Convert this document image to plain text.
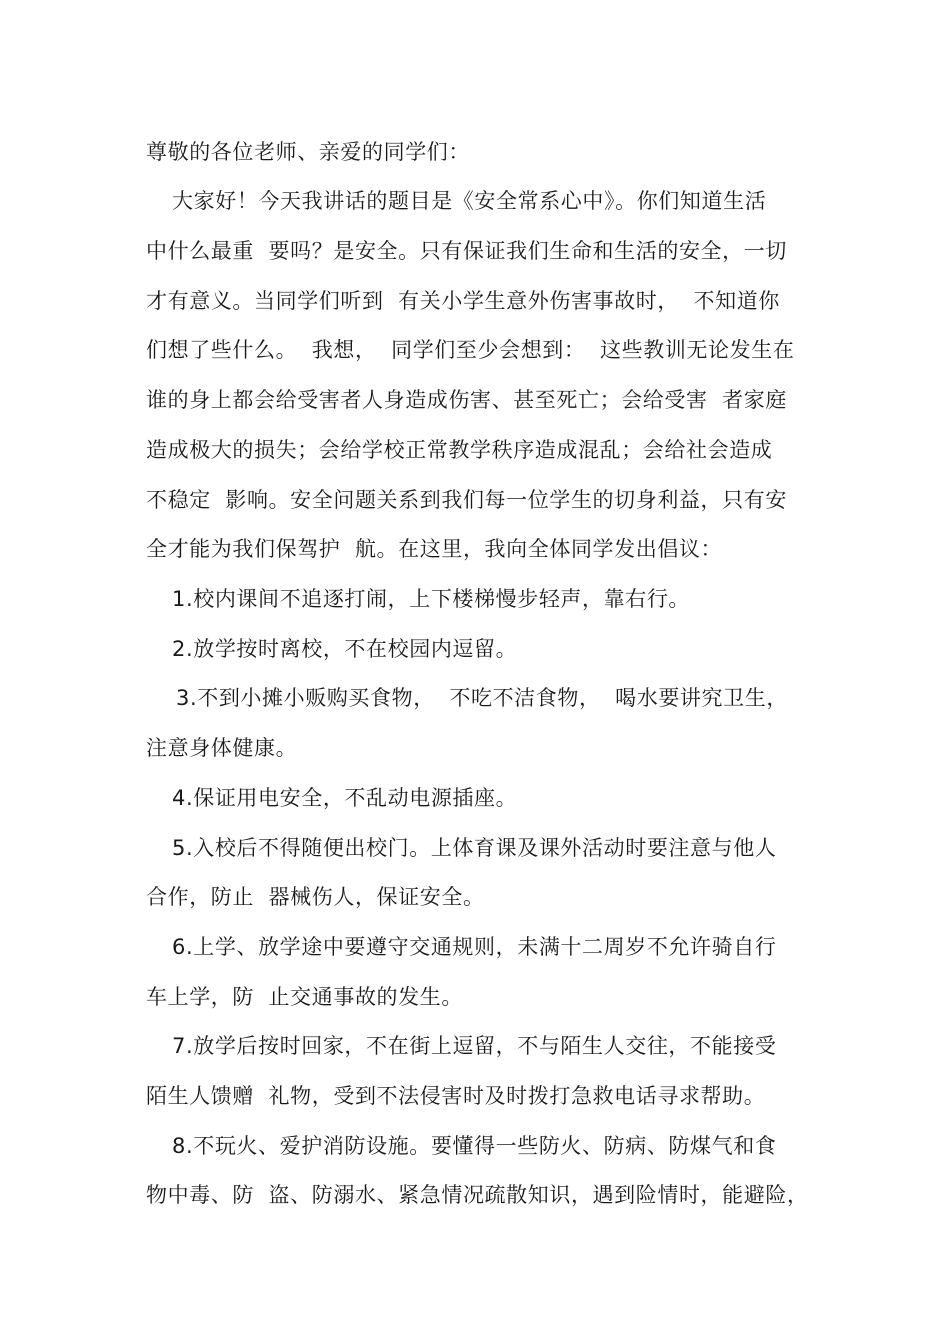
尊敬的各位老师、亲爱的同学们：
大家好！今天我讲话的题目是《安全常系心中》。你们知道生活
中什么最重  要吗？是安全。只有保证我们生命和生活的安全，一切
才有意义。当同学们听到  有关小学生意外伤害事故时，  不知道你
们想了些什么。  我想，  同学们至少会想到：  这些教训无论发生在
谁的身上都会给受害者人身造成伤害、甚至死亡；会给受害  者家庭
造成极大的损失；会给学校正常教学秩序造成混乱；会给社会造成
不稳定  影响。安全问题关系到我们每一位学生的切身利益，只有安
全才能为我们保驾护  航。在这里，我向全体同学发出倡议：
1.校内课间不追逐打闹，上下楼梯慢步轻声，靠右行。
2.放学按时离校，不在校园内逗留。
3.不到小摊小贩购买食物，  不吃不洁食物，  喝水要讲究卫生，
注意身体健康。
4.保证用电安全，不乱动电源插座。
5.入校后不得随便出校门。上体育课及课外活动时要注意与他人
合作，防止  器械伤人，保证安全。
6.上学、放学途中要遵守交通规则，未满十二周岁不允许骑自行
车上学，防  止交通事故的发生。
7.放学后按时回家，不在街上逗留，不与陌生人交往，不能接受
陌生人馈赠  礼物，受到不法侵害时及时拨打急救电话寻求帮助。
8.不玩火、爱护消防设施。要懂得一些防火、防病、防煤气和食
物中毒、防  盗、防溺水、紧急情况疏散知识，遇到险情时，能避险，
